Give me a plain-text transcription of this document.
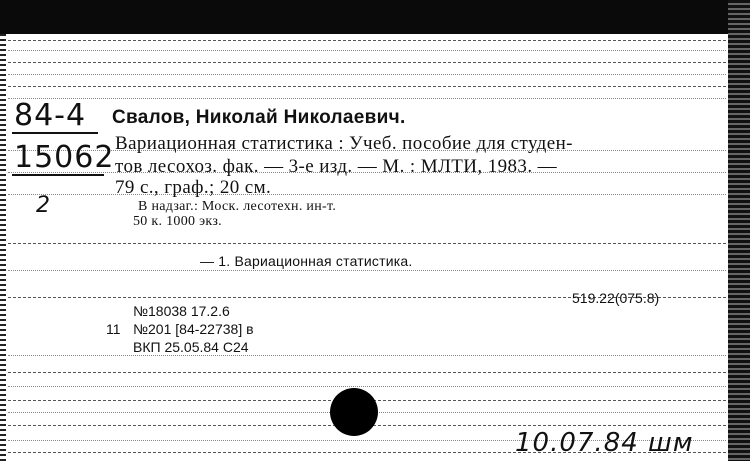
84-4
15062
2
Свалов, Николай Николаевич.
Вариационная статистика : Учеб. пособие для студен-
тов лесохоз. фак. — 3-е изд. — М. : МЛТИ, 1983. —
79 с., граф.; 20 см.
В надзаг.: Моск. лесотехн. ин-т.
50 к. 1000 экз.
— 1. Вариационная статистика.
519.22(075.8)
№18038 17.2.6
11 №201 [84-22738] в
ВКП 25.05.84 С24
10.07.84 шм
